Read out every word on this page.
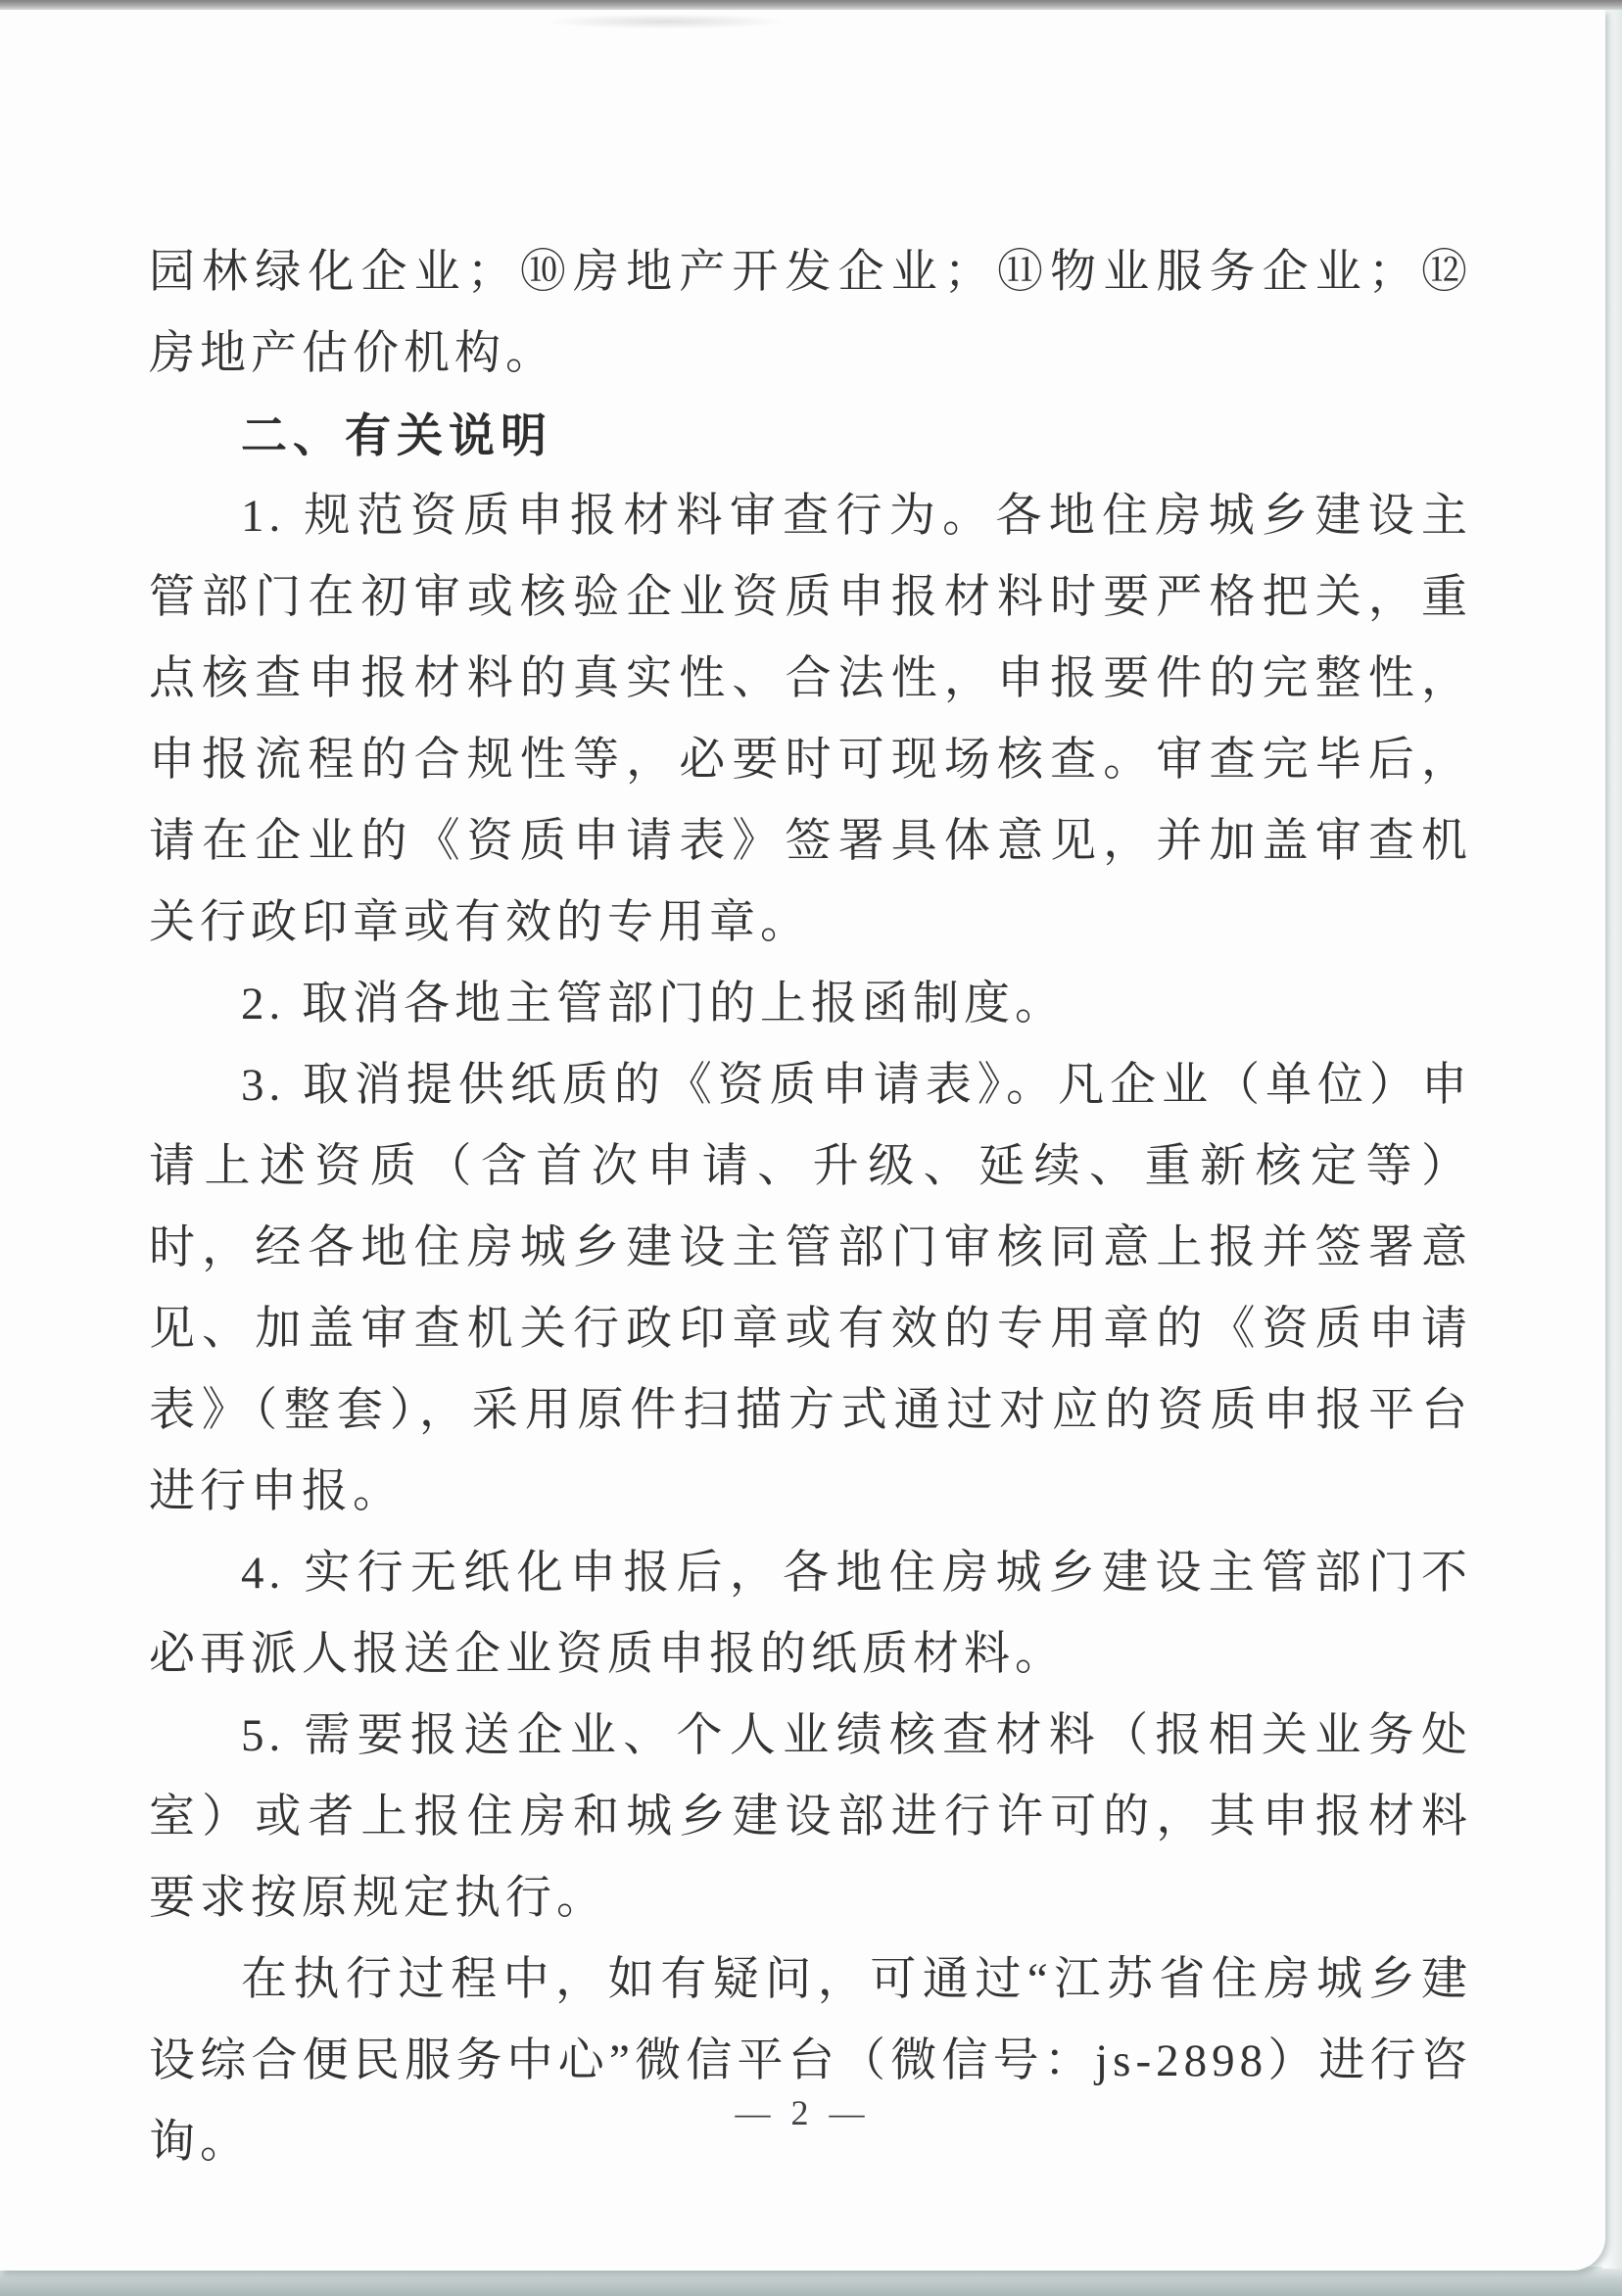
园林绿化企业；⑩房地产开发企业；⑪物业服务企业；⑫房地产估价机构。

二、有关说明

1. 规范资质申报材料审查行为。各地住房城乡建设主管部门在初审或核验企业资质申报材料时要严格把关，重点核查申报材料的真实性、合法性，申报要件的完整性，申报流程的合规性等，必要时可现场核查。审查完毕后，请在企业的《资质申请表》签署具体意见，并加盖审查机关行政印章或有效的专用章。

2. 取消各地主管部门的上报函制度。

3. 取消提供纸质的《资质申请表》。凡企业（单位）申请上述资质（含首次申请、升级、延续、重新核定等）时，经各地住房城乡建设主管部门审核同意上报并签署意见、加盖审查机关行政印章或有效的专用章的《资质申请表》（整套），采用原件扫描方式通过对应的资质申报平台进行申报。

4. 实行无纸化申报后，各地住房城乡建设主管部门不必再派人报送企业资质申报的纸质材料。

5. 需要报送企业、个人业绩核查材料（报相关业务处室）或者上报住房和城乡建设部进行许可的，其申报材料要求按原规定执行。

在执行过程中，如有疑问，可通过“江苏省住房城乡建设综合便民服务中心”微信平台（微信号：js-2898）进行咨询。

— 2 —
